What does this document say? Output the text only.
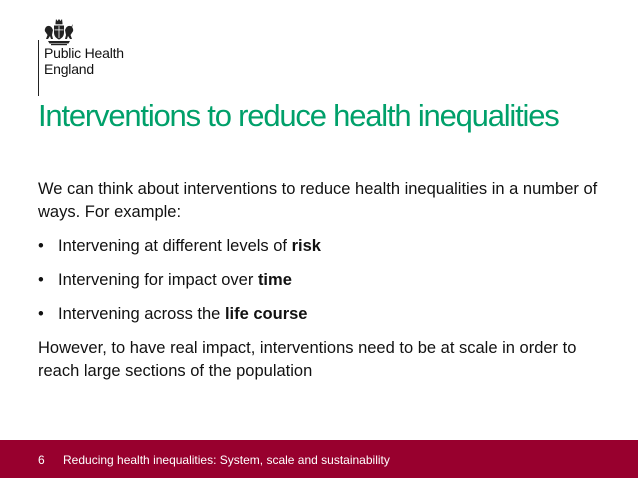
Public Health
England
Interventions to reduce health inequalities

We can think about interventions to reduce health inequalities in a number of ways. For example:

• Intervening at different levels of risk
• Intervening for impact over time
• Intervening across the life course

However, to have real impact, interventions need to be at scale in order to reach large sections of the population

6 Reducing health inequalities: System, scale and sustainability
